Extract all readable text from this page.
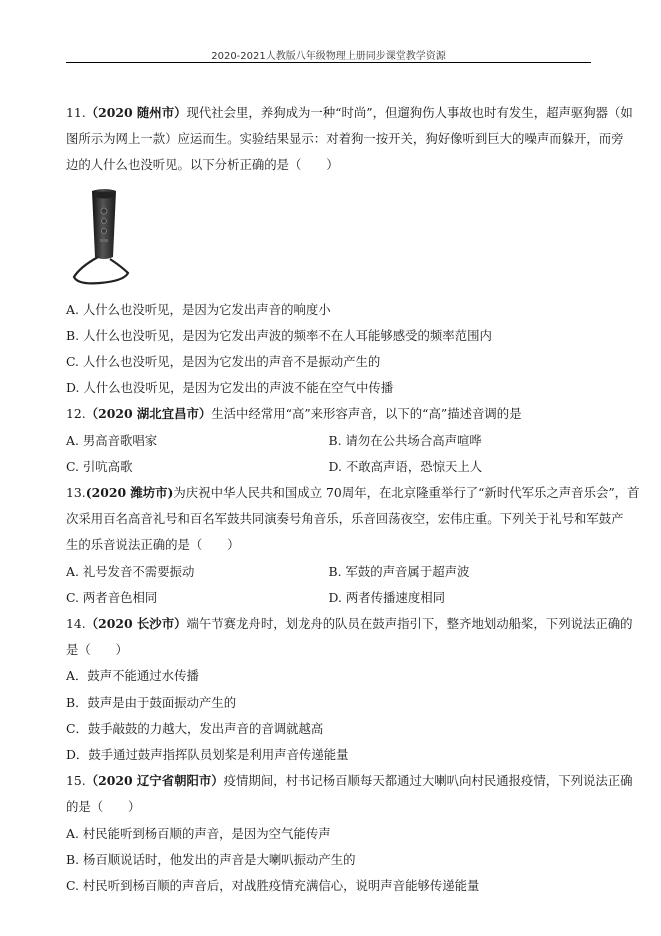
2020-2021人教版八年级物理上册同步课堂教学资源
11.（2020 随州市）现代社会里，养狗成为一种“时尚”，但遛狗伤人事故也时有发生，超声驱狗器（如
图所示为网上一款）应运而生。实验结果显示：对着狗一按开关，狗好像听到巨大的噪声而躲开，而旁
边的人什么也没听见。以下分析正确的是（　　）
A. 人什么也没听见，是因为它发出声音的响度小
B. 人什么也没听见，是因为它发出声波的频率不在人耳能够感受的频率范围内
C. 人什么也没听见，是因为它发出的声音不是振动产生的
D. 人什么也没听见，是因为它发出的声波不能在空气中传播
12.（2020 湖北宜昌市）生活中经常用“高”来形容声音，以下的“高”描述音调的是
A. 男高音歌唱家	B. 请勿在公共场合高声喧哗
C. 引吭高歌	D. 不敢高声语，恐惊天上人
13.(2020 潍坊市)为庆祝中华人民共和国成立 70周年，在北京隆重举行了“新时代军乐之声音乐会”，首
次采用百名高音礼号和百名军鼓共同演奏号角音乐，乐音回荡夜空，宏伟庄重。下列关于礼号和军鼓产
生的乐音说法正确的是（　　）
A. 礼号发音不需要振动	B. 军鼓的声音属于超声波
C. 两者音色相同	D. 两者传播速度相同
14.（2020 长沙市）端午节赛龙舟时，划龙舟的队员在鼓声指引下，整齐地划动船桨，下列说法正确的
是（　　）
A．鼓声不能通过水传播
B．鼓声是由于鼓面振动产生的
C．鼓手敲鼓的力越大，发出声音的音调就越高
D．鼓手通过鼓声指挥队员划桨是利用声音传递能量
15.（2020 辽宁省朝阳市）疫情期间，村书记杨百顺每天都通过大喇叭向村民通报疫情，下列说法正确
的是（　　）
A. 村民能听到杨百顺的声音，是因为空气能传声
B. 杨百顺说话时，他发出的声音是大喇叭振动产生的
C. 村民听到杨百顺的声音后，对战胜疫情充满信心，说明声音能够传递能量
